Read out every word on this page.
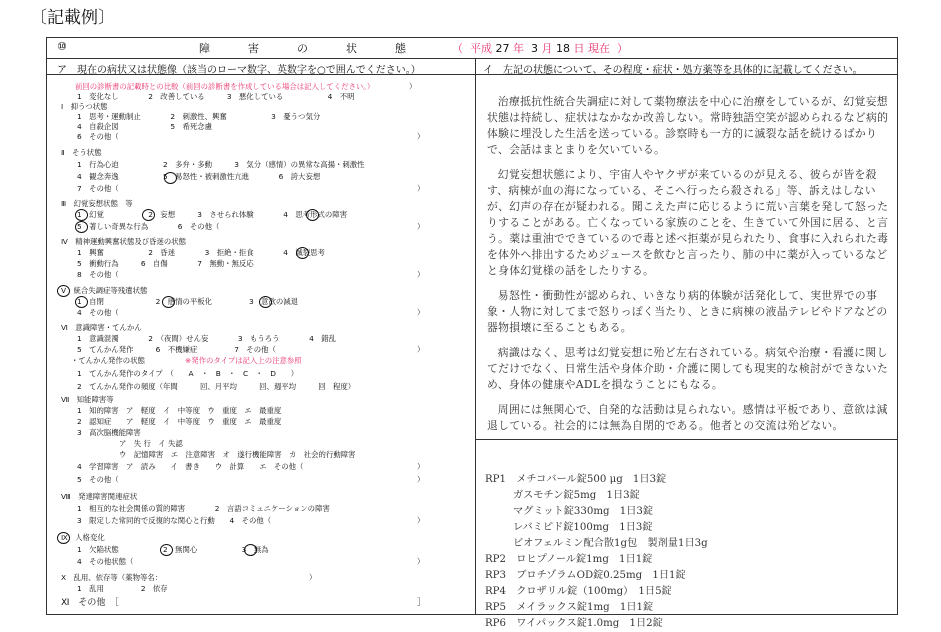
〔記載例〕
⑩	障害の状態 （ 平成 27 年 3 月 18 日 現在 ）
ア　現在の病状又は状態像（該当のローマ数字、英数字を○で囲んでください。）	イ　左記の状態について、その程度・症状・処方薬等を具体的に記載してください。
前回の診断書の記載時との比較（前回の診断書を作成している場合は記入してください。）	）
1　変化なし　　　　2　改善している　　　3　悪化している　　　　　　4　不明
Ⅰ　抑うつ状態
1　思考・運動制止　　　　2　刺激性、興奮　　　　　　3　憂うつ気分
4　自殺企図　　　　　　　5　希死念慮
6　その他（	）
Ⅱ　そう状態
1　行為心迫　　　　　　2　多弁・多動　　　3　気分（感情）の異常な高揚・刺激性
4　観念奔逸　　　　　　5　易怒性・被刺激性亢進　　　　6　誇大妄想
7　その他（	）
Ⅲ　幻覚妄想状態　等
1　幻覚　　　　　　2　妄想　　　3　させられ体験　　　　4　思考形式の障害
5　著しい奇異な行為　　　　6　その他（	）
Ⅳ　精神運動興奮状態及び昏迷の状態
1　興奮　　　　　　2　昏迷　　　　3　拒絶・拒食　　　　4　滅裂思考
5　衝動行為　　　6　自傷　　　　7　無動・無反応
8　その他（	）
Ⅴ　統合失調症等残遺状態
1　自閉　　　　　　　2　感情の平板化　　　　　3　意欲の減退
4　その他（	）
Ⅵ　意識障害・てんかん
1　意識混濁　　　　2　（夜間）せん妄　　　　3　もうろう　　　　4　錯乱
5　てんかん発作　　　6　不機嫌症　　　　　7　その他（	）
・てんかん発作の状態	※発作のタイプは記入上の注意参照
1　てんかん発作のタイプ　（　　A　・　B　・　C　・　D　　）
2　てんかん発作の頻度（年間　　　回、月平均　　　回、週平均　　　回　程度）
Ⅶ　知能障害等
1　知的障害　ア　軽度　イ　中等度　ウ　重度　エ　最重度
2　認知症　　ア　軽度　イ　中等度　ウ　重度　エ　最重度
3　高次脳機能障害
ア　失 行　イ 失認
ウ　記憶障害　エ　注意障害　オ　遂行機能障害　カ　社会的行動障害
4　学習障害　ア　読み　　イ　書き　　ウ　計算　　エ　その他（	）
5　その他（	）
Ⅷ　発達障害関連症状
1　相互的な社会関係の質的障害　　　　2　言語コミュニケーションの障害
3　限定した常同的で反復的な関心と行動　　4　その他（	）
Ⅸ　人格変化
1　欠陥状態　　　　　　2　無関心　　　　　　3　無為
4　その他状態（	）
Ⅹ　乱用、依存等（薬物等名：	）
1　乱用　　　　　2　依存
Ⅺ　その他　［	］

治療抵抗性統合失調症に対して薬物療法を中心に治療をしているが、幻覚妄想状態は持続し、症状はなかなか改善しない。常時独語空笑が認められるなど病的体験に埋没した生活を送っている。診察時も一方的に滅裂な話を続けるばかりで、会話はまとまりを欠いている。

幻覚妄想状態により、宇宙人やヤクザが来ているのが見える、彼らが皆を殺す、病棟が血の海になっている、そこへ行ったら殺される」等、訴えはしないが、幻声の存在が疑われる。聞こえた声に応じるように荒い言葉を発して怒ったりすることがある。亡くなっている家族のことを、生きていて外国に居る、と言う。薬は重油でできているので毒と述べ拒薬が見られたり、食事に入れられた毒を体外へ排出するためジュースを飲むと言ったり、肺の中に薬が入っているなどと身体幻覚様の話をしたりする。

易怒性・衝動性が認められ、いきなり病的体験が活発化して、実世界での事象・人物に対してまで怒りっぽく当たり、ときに病棟の液晶テレビやドアなどの器物損壊に至ることもある。

病識はなく、思考は幻覚妄想に殆ど左右されている。病気や治療・看護に関してだけでなく、日常生活や身体介助・介護に関しても現実的な検討ができないため、身体の健康やADLを損なうことにもなる。

周囲には無関心で、自発的な活動は見られない。感情は平板であり、意欲は減退している。社会的には無為自閉的である。他者との交流は殆どない。

RP1　メチコバール錠500 μg　1日3錠
ガスモチン錠5mg　1日3錠
マグミット錠330mg　1日3錠
レバミピド錠100mg　1日3錠
ビオフェルミン配合散1g包　製剤量1日3g
RP2　ロヒプノール錠1mg　1日1錠
RP3　ブロチゾラムOD錠0.25mg　1日1錠
RP4　クロザリル錠（100mg）　1日5錠
RP5　メイラックス錠1mg　1日1錠
RP6　ワイパックス錠1.0mg　1日2錠
